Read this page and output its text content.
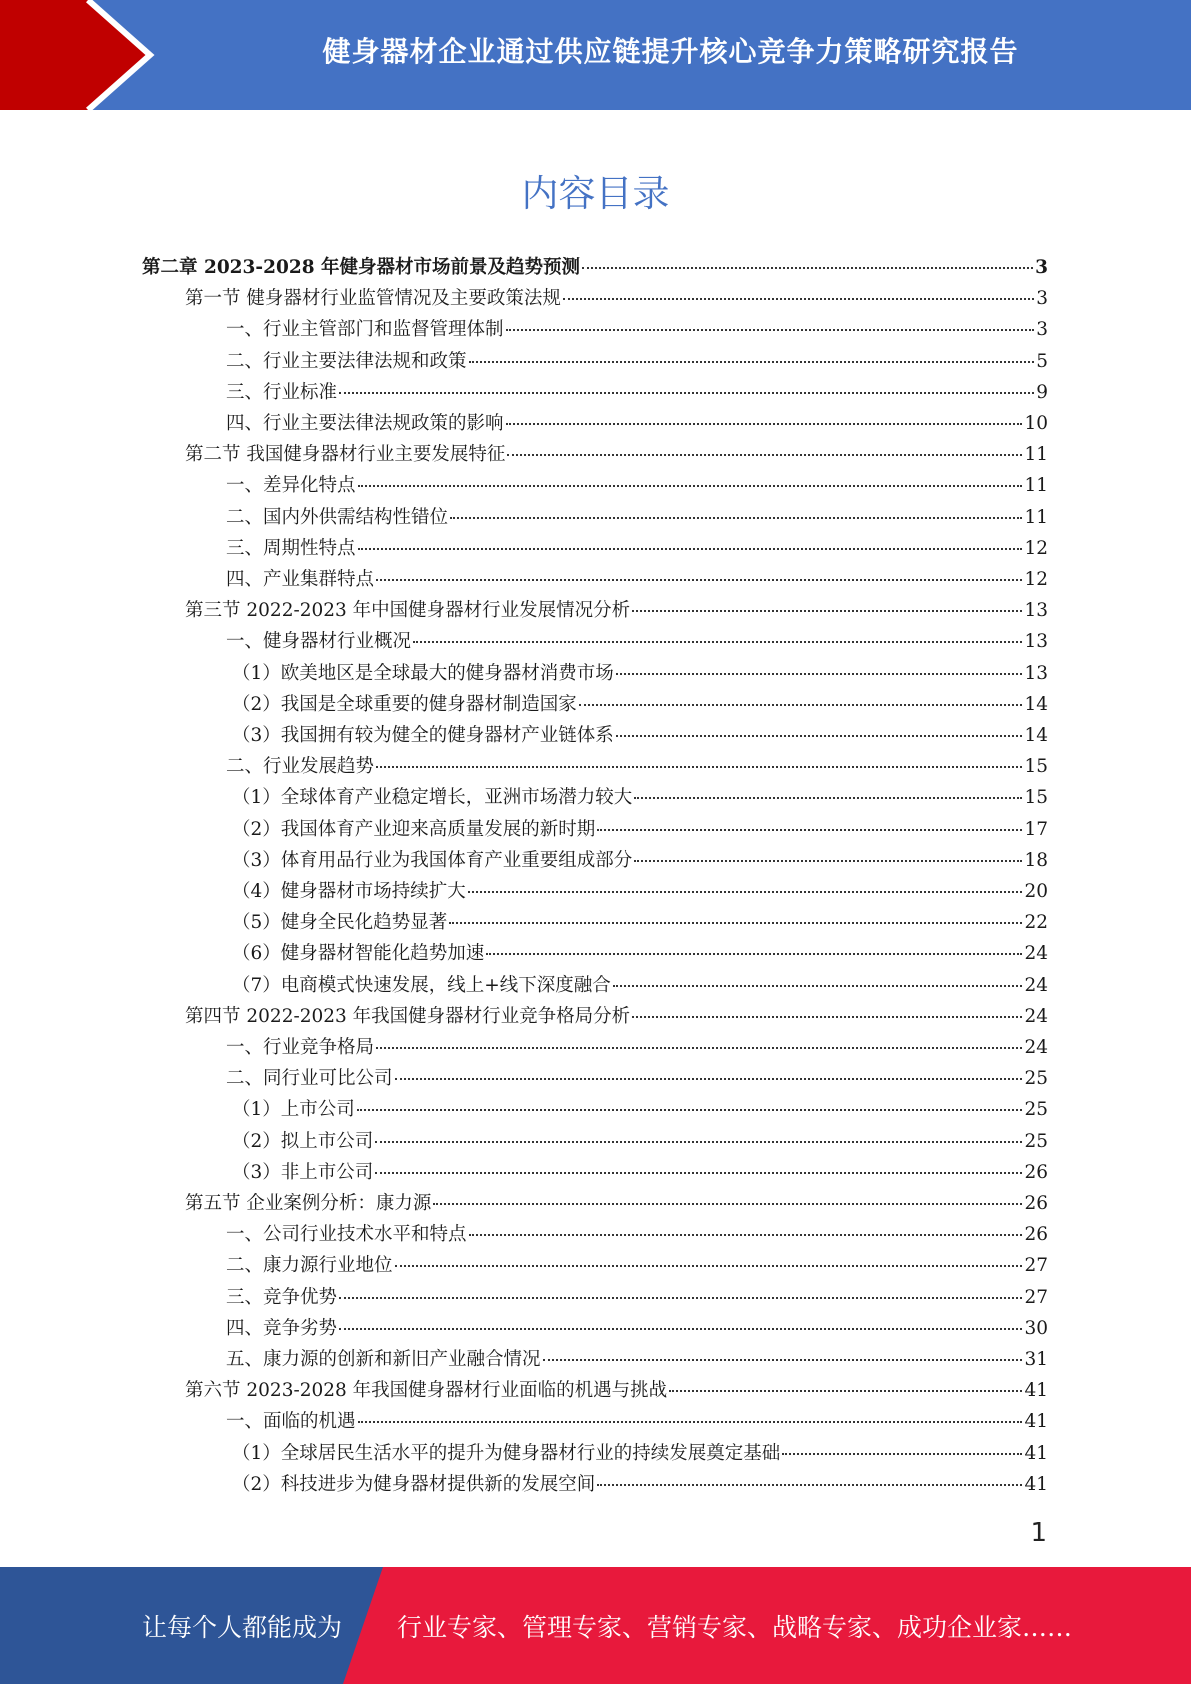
健身器材企业通过供应链提升核心竞争力策略研究报告
内容目录
第二章 2023-2028 年健身器材市场前景及趋势预测	3
第一节 健身器材行业监管情况及主要政策法规	3
一、行业主管部门和监督管理体制	3
二、行业主要法律法规和政策	5
三、行业标准	9
四、行业主要法律法规政策的影响	10
第二节 我国健身器材行业主要发展特征	11
一、差异化特点	11
二、国内外供需结构性错位	11
三、周期性特点	12
四、产业集群特点	12
第三节 2022-2023 年中国健身器材行业发展情况分析	13
一、健身器材行业概况	13
（1）欧美地区是全球最大的健身器材消费市场	13
（2）我国是全球重要的健身器材制造国家	14
（3）我国拥有较为健全的健身器材产业链体系	14
二、行业发展趋势	15
（1）全球体育产业稳定增长，亚洲市场潜力较大	15
（2）我国体育产业迎来高质量发展的新时期	17
（3）体育用品行业为我国体育产业重要组成部分	18
（4）健身器材市场持续扩大	20
（5）健身全民化趋势显著	22
（6）健身器材智能化趋势加速	24
（7）电商模式快速发展，线上+线下深度融合	24
第四节 2022-2023 年我国健身器材行业竞争格局分析	24
一、行业竞争格局	24
二、同行业可比公司	25
（1）上市公司	25
（2）拟上市公司	25
（3）非上市公司	26
第五节 企业案例分析：康力源	26
一、公司行业技术水平和特点	26
二、康力源行业地位	27
三、竞争优势	27
四、竞争劣势	30
五、康力源的创新和新旧产业融合情况	31
第六节 2023-2028 年我国健身器材行业面临的机遇与挑战	41
一、面临的机遇	41
（1）全球居民生活水平的提升为健身器材行业的持续发展奠定基础	41
（2）科技进步为健身器材提供新的发展空间	41
1
让每个人都能成为 行业专家、管理专家、营销专家、战略专家、成功企业家……
